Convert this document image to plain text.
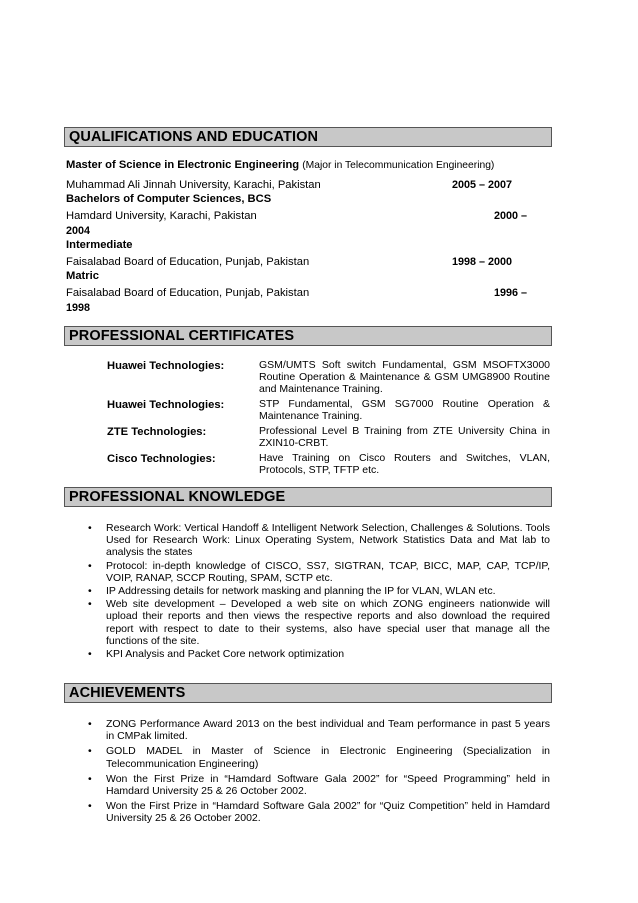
QUALIFICATIONS AND EDUCATION
Master of Science in Electronic Engineering (Major in Telecommunication Engineering)
Muhammad Ali Jinnah University, Karachi, Pakistan	2005 – 2007
Bachelors of Computer Sciences, BCS
Hamdard University, Karachi, Pakistan	2000 –
2004
Intermediate
Faisalabad Board of Education, Punjab, Pakistan	1998 – 2000
Matric
Faisalabad Board of Education, Punjab, Pakistan	1996 –
1998
PROFESSIONAL CERTIFICATES
Huawei Technologies:	GSM/UMTS Soft switch Fundamental, GSM MSOFTX3000 Routine Operation & Maintenance & GSM UMG8900 Routine and Maintenance Training.
Huawei Technologies:	STP Fundamental, GSM SG7000 Routine Operation & Maintenance Training.
ZTE Technologies:	Professional Level B Training from ZTE University China in ZXIN10-CRBT.
Cisco Technologies:	Have Training on Cisco Routers and Switches, VLAN, Protocols, STP, TFTP etc.
PROFESSIONAL KNOWLEDGE
• Research Work: Vertical Handoff & Intelligent Network Selection, Challenges & Solutions. Tools Used for Research Work: Linux Operating System, Network Statistics Data and Mat lab to analysis the states
• Protocol: in-depth knowledge of CISCO, SS7, SIGTRAN, TCAP, BICC, MAP, CAP, TCP/IP, VOIP, RANAP, SCCP Routing, SPAM, SCTP etc.
• IP Addressing details for network masking and planning the IP for VLAN, WLAN etc.
• Web site development – Developed a web site on which ZONG engineers nationwide will upload their reports and then views the respective reports and also download the required report with respect to date to their systems, also have special user that manage all the functions of the site.
• KPI Analysis and Packet Core network optimization
ACHIEVEMENTS
• ZONG Performance Award 2013 on the best individual and Team performance in past 5 years in CMPak limited.
• GOLD MADEL in Master of Science in Electronic Engineering (Specialization in Telecommunication Engineering)
• Won the First Prize in “Hamdard Software Gala 2002” for “Speed Programming” held in Hamdard University 25 & 26 October 2002.
• Won the First Prize in “Hamdard Software Gala 2002” for “Quiz Competition” held in Hamdard University 25 & 26 October 2002.
